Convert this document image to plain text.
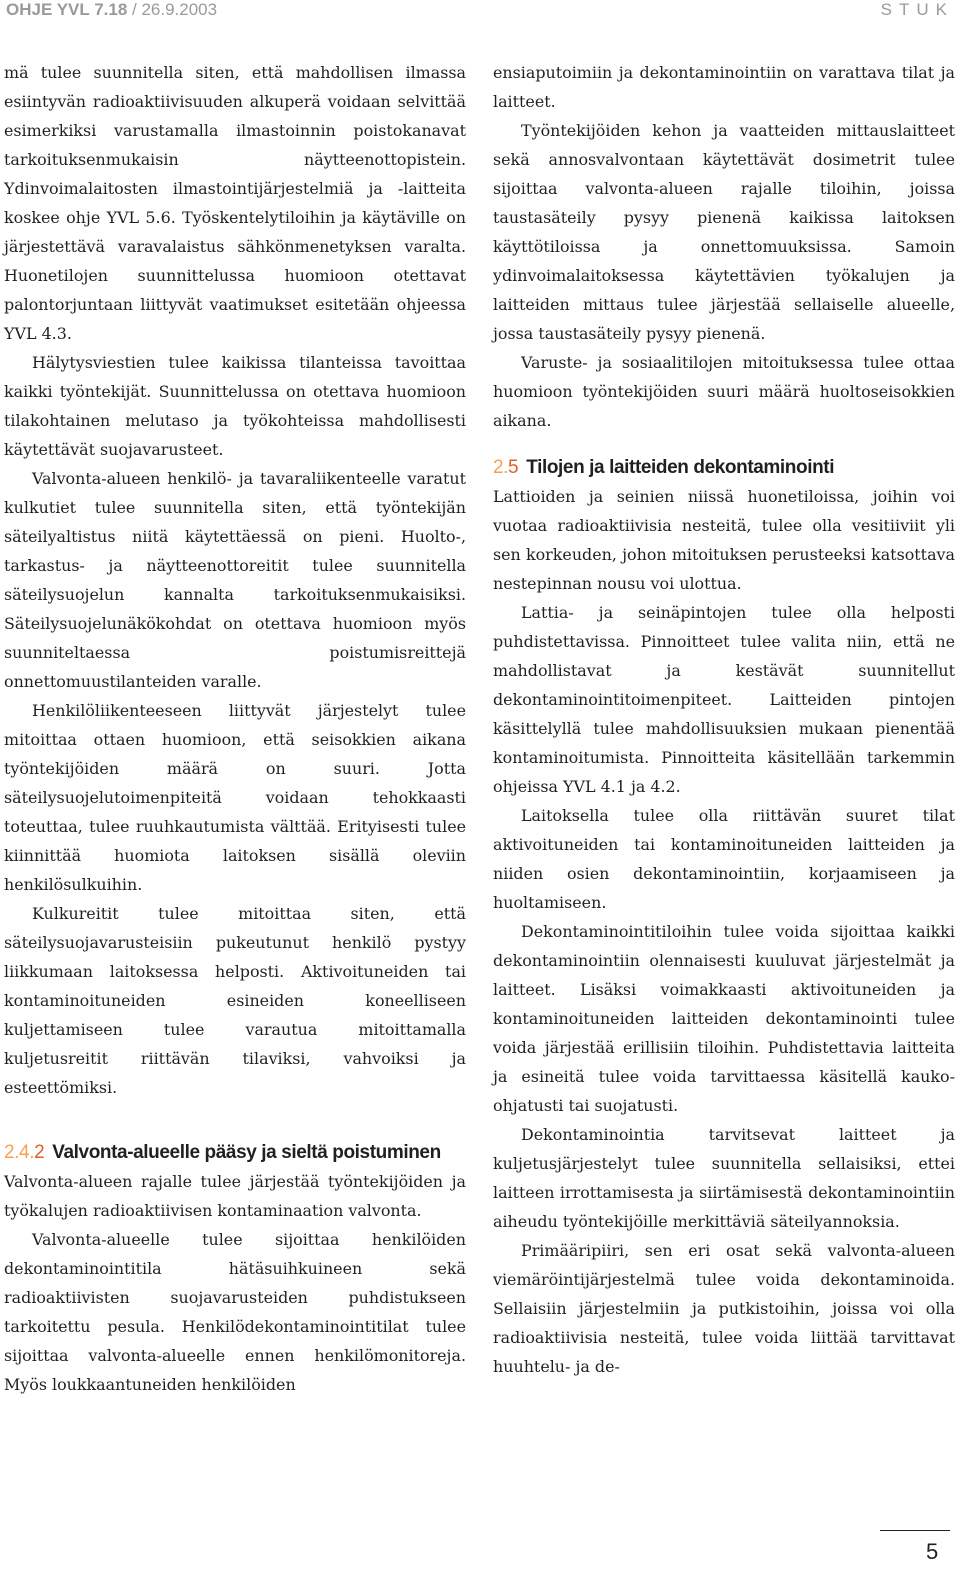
OHJE YVL 7.18 / 26.9.2003	STUK

mä tulee suunnitella siten, että mahdollisen ilmassa esiintyvän radioaktiivisuuden alkuperä voidaan selvittää esimerkiksi varustamalla ilmastoinnin poistokanavat tarkoituksenmukaisin näytteenottopistein. Ydinvoimalaitosten ilmastointijärjestelmiä ja -laitteita koskee ohje YVL 5.6. Työskentelytiloihin ja käytäville on järjestettävä varavalaistus sähkönmenetyksen varalta. Huonetilojen suunnittelussa huomioon otettavat palontorjuntaan liittyvät vaatimukset esitetään ohjeessa YVL 4.3.

Hälytysviestien tulee kaikissa tilanteissa tavoittaa kaikki työntekijät. Suunnittelussa on otettava huomioon tilakohtainen melutaso ja työkohteissa mahdollisesti käytettävät suojavarusteet.

Valvonta-alueen henkilö- ja tavaraliikenteelle varatut kulkutiet tulee suunnitella siten, että työntekijän säteilyaltistus niitä käytettäessä on pieni. Huolto-, tarkastus- ja näytteenottoreitit tulee suunnitella säteilysuojelun kannalta tarkoituksenmukaisiksi. Säteilysuojelunäkökohdat on otettava huomioon myös suunniteltaessa poistumisreittejä onnettomuustilanteiden varalle.

Henkilöliikenteeseen liittyvät järjestelyt tulee mitoittaa ottaen huomioon, että seisokkien aikana työntekijöiden määrä on suuri. Jotta säteilysuojelutoimenpiteitä voidaan tehokkaasti toteuttaa, tulee ruuhkautumista välttää. Erityisesti tulee kiinnittää huomiota laitoksen sisällä oleviin henkilösulkuihin.

Kulkureitit tulee mitoittaa siten, että säteilysuojavarusteisiin pukeutunut henkilö pystyy liikkumaan laitoksessa helposti. Aktivoituneiden tai kontaminoituneiden esineiden koneelliseen kuljettamiseen tulee varautua mitoittamalla kuljetusreitit riittävän tilaviksi, vahvoiksi ja esteettömiksi.

2.4.2 Valvonta-alueelle pääsy ja sieltä poistuminen

Valvonta-alueen rajalle tulee järjestää työntekijöiden ja työkalujen radioaktiivisen kontaminaation valvonta.

Valvonta-alueelle tulee sijoittaa henkilöiden dekontaminointitila hätäsuihkuineen sekä radioaktiivisten suojavarusteiden puhdistukseen tarkoitettu pesula. Henkilödekontaminointitilat tulee sijoittaa valvonta-alueelle ennen henkilömonitoreja. Myös loukkaantuneiden henkilöiden

ensiaputoimiin ja dekontaminointiin on varattava tilat ja laitteet.

Työntekijöiden kehon ja vaatteiden mittauslaitteet sekä annosvalvontaan käytettävät dosimetrit tulee sijoittaa valvonta-alueen rajalle tiloihin, joissa taustasäteily pysyy pienenä kaikissa laitoksen käyttötiloissa ja onnettomuuksissa. Samoin ydinvoimalaitoksessa käytettävien työkalujen ja laitteiden mittaus tulee järjestää sellaiselle alueelle, jossa taustasäteily pysyy pienenä.

Varuste- ja sosiaalitilojen mitoituksessa tulee ottaa huomioon työntekijöiden suuri määrä huoltoseisokkien aikana.

2.5 Tilojen ja laitteiden dekontaminointi

Lattioiden ja seinien niissä huonetiloissa, joihin voi vuotaa radioaktiivisia nesteitä, tulee olla vesitiiviit yli sen korkeuden, johon mitoituksen perusteeksi katsottava nestepinnan nousu voi ulottua.

Lattia- ja seinäpintojen tulee olla helposti puhdistettavissa. Pinnoitteet tulee valita niin, että ne mahdollistavat ja kestävät suunnitellut dekontaminointitoimenpiteet. Laitteiden pintojen käsittelyllä tulee mahdollisuuksien mukaan pienentää kontaminoitumista. Pinnoitteita käsitellään tarkemmin ohjeissa YVL 4.1 ja 4.2.

Laitoksella tulee olla riittävän suuret tilat aktivoituneiden tai kontaminoituneiden laitteiden ja niiden osien dekontaminointiin, korjaamiseen ja huoltamiseen.

Dekontaminointitiloihin tulee voida sijoittaa kaikki dekontaminointiin olennaisesti kuuluvat järjestelmät ja laitteet. Lisäksi voimakkaasti aktivoituneiden ja kontaminoituneiden laitteiden dekontaminointi tulee voida järjestää erillisiin tiloihin. Puhdistettavia laitteita ja esineitä tulee voida tarvittaessa käsitellä kauko-ohjatusti tai suojatusti.

Dekontaminointia tarvitsevat laitteet ja kuljetusjärjestelyt tulee suunnitella sellaisiksi, ettei laitteen irrottamisesta ja siirtämisestä dekontaminointiin aiheudu työntekijöille merkittäviä säteilyannoksia.

Primääripiiri, sen eri osat sekä valvonta-alueen viemäröintijärjestelmä tulee voida dekontaminoida. Sellaisiin järjestelmiin ja putkistoihin, joissa voi olla radioaktiivisia nesteitä, tulee voida liittää tarvittavat huuhtelu- ja de-

5
